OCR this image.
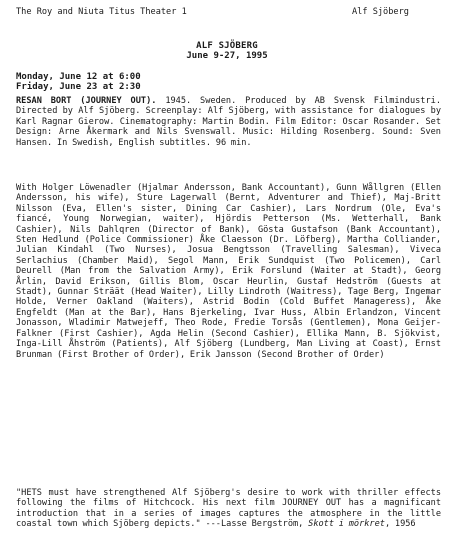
The Roy and Niuta Titus Theater 1	Alf Sjöberg
ALF SJÖBERG
June 9-27, 1995
Monday, June 12 at 6:00
Friday, June 23 at 2:30
RESAN BORT (JOURNEY OUT). 1945. Sweden. Produced by AB Svensk Filmindustri. Directed by Alf Sjöberg. Screenplay: Alf Sjöberg, with assistance for dialogues by Karl Ragnar Gierow. Cinematography: Martin Bodin. Film Editor: Oscar Rosander. Set Design: Arne Åkermark and Nils Svenswall. Music: Hilding Rosenberg. Sound: Sven Hansen. In Swedish, English subtitles. 96 min.
With Holger Löwenadler (Hjalmar Andersson, Bank Accountant), Gunn Wållgren (Ellen Andersson, his wife), Sture Lagerwall (Bernt, Adventurer and Thief), Maj-Britt Nilsson (Eva, Ellen's sister, Dining Car Cashier), Lars Nordrum (Ole, Eva's fiancé, Young Norwegian, waiter), Hjördis Petterson (Ms. Wetterhall, Bank Cashier), Nils Dahlqren (Director of Bank), Gösta Gustafson (Bank Accountant), Sten Hedlund (Police Commissioner) Åke Claesson (Dr. Löfberg), Martha Colliander, Julian Kindahl (Two Nurses), Josua Bengtsson (Travelling Salesman), Viveca Serlachius (Chamber Maid), Segol Mann, Erik Sundquist (Two Policemen), Carl Deurell (Man from the Salvation Army), Erik Forslund (Waiter at Stadt), Georg Årlin, David Erikson, Gillis Blom, Oscar Heurlin, Gustaf Hedström (Guests at Stadt), Gunnar Sträät (Head Waiter), Lilly Lindroth (Waitress), Tage Berg, Ingemar Holde, Verner Oakland (Waiters), Astrid Bodin (Cold Buffet Manageress), Åke Engfeldt (Man at the Bar), Hans Bjerkeling, Ivar Huss, Albin Erlandzon, Vincent Jonasson, Wladimir Matwejeff, Theo Rode, Fredie Torsås (Gentlemen), Mona Geijer-Falkner (First Cashier), Agda Helin (Second Cashier), Ellika Mann, B. Sjökvist, Inga-Lill Åhström (Patients), Alf Sjöberg (Lundberg, Man Living at Coast), Ernst Brunman (First Brother of Order), Erik Jansson (Second Brother of Order)
"HETS must have strengthened Alf Sjöberg's desire to work with thriller effects following the films of Hitchcock. His next film JOURNEY OUT has a magnificant introduction that in a series of images captures the atmosphere in the little coastal town which Sjöberg depicts." ---Lasse Bergström, Skott i mörkret, 1956
